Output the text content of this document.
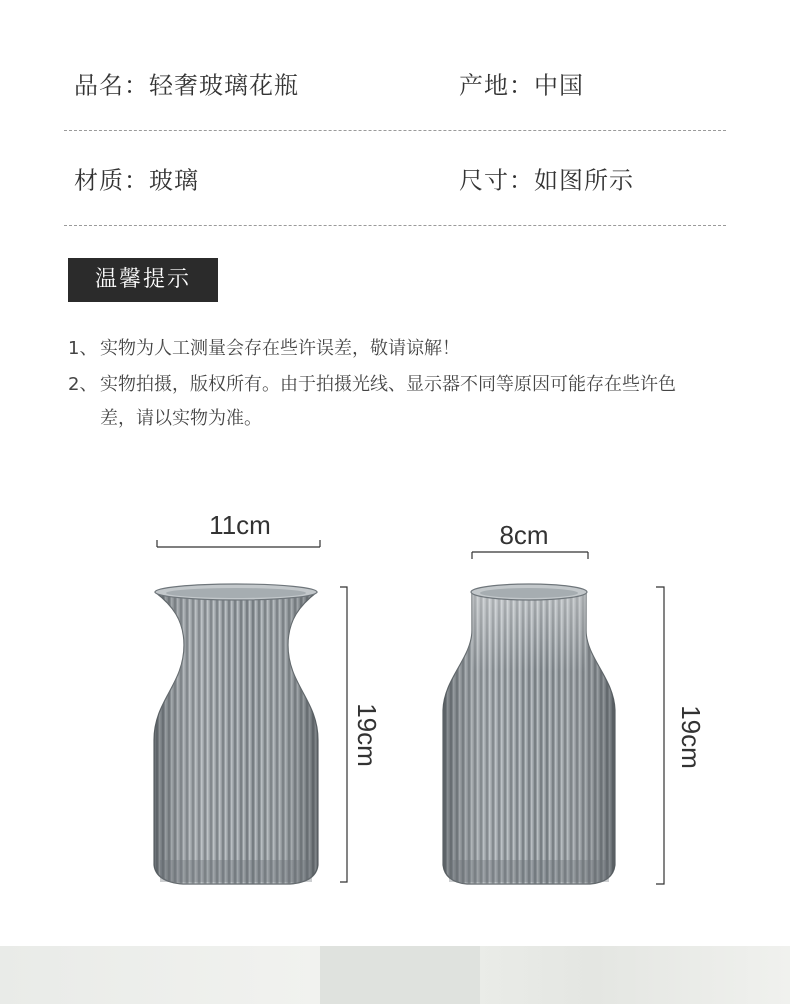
品名：轻奢玻璃花瓶	产地：中国
材质：玻璃	尺寸：如图所示
温馨提示
1、 实物为人工测量会存在些许误差，敬请谅解！
2、 实物拍摄，版权所有。由于拍摄光线、显示器不同等原因可能存在些许色差，请以实物为准。
11cm
19cm
8cm
19cm
